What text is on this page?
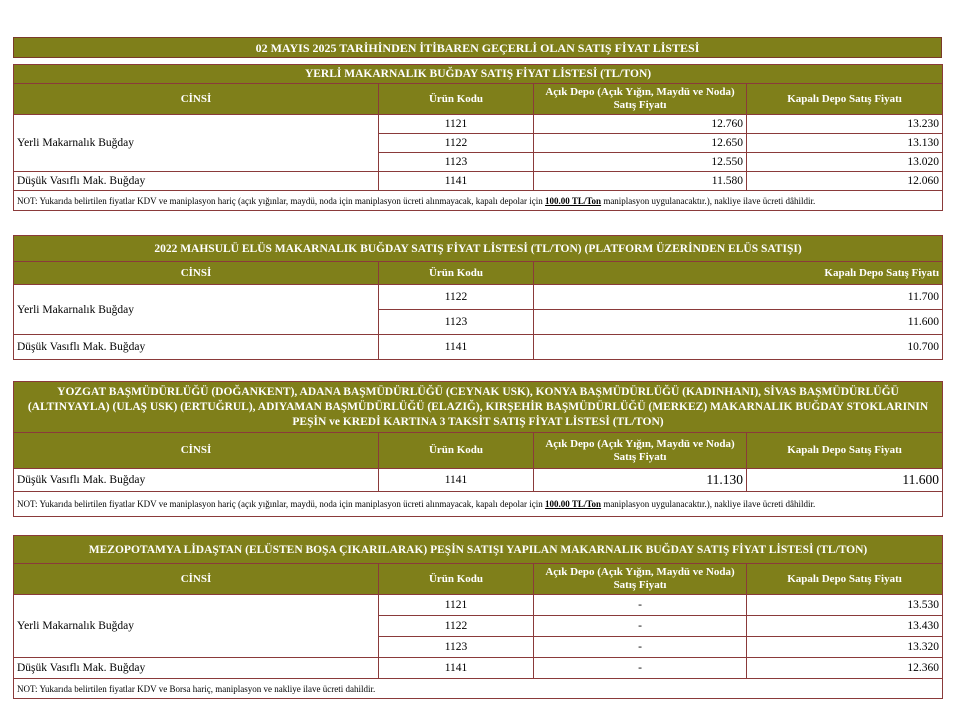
02 MAYIS 2025 TARİHİNDEN İTİBAREN GEÇERLİ OLAN SATIŞ FİYAT LİSTESİ
YERLİ MAKARNALIK BUĞDAY SATIŞ FİYAT LİSTESİ (TL/TON)			
CİNSİ	Ürün Kodu	Açık Depo (Açık Yığın, Maydü ve Noda) Satış Fiyatı	Kapalı Depo Satış Fiyatı
Yerli Makarnalık Buğday	1121	12.760	13.230
	1122	12.650	13.130
	1123	12.550	13.020
Düşük Vasıflı Mak. Buğday	1141	11.580	12.060
NOT: Yukarıda belirtilen fiyatlar KDV ve maniplasyon hariç (açık yığınlar, maydü, noda için maniplasyon ücreti alınmayacak, kapalı depolar için 100.00 TL/Ton maniplasyon uygulanacaktır.), nakliye ilave ücreti dâhildir.			
2022 MAHSULÜ ELÜS MAKARNALIK BUĞDAY SATIŞ FİYAT LİSTESİ (TL/TON) (PLATFORM ÜZERİNDEN ELÜS SATIŞI)		
CİNSİ	Ürün Kodu	Kapalı Depo Satış Fiyatı
Yerli Makarnalık Buğday	1122	11.700
	1123	11.600
Düşük Vasıflı Mak. Buğday	1141	10.700
YOZGAT BAŞMÜDÜRLÜĞÜ (DOĞANKENT), ADANA BAŞMÜDÜRLÜĞÜ (CEYNAK USK), KONYA BAŞMÜDÜRLÜĞÜ (KADINHANI), SİVAS BAŞMÜDÜRLÜĞÜ (ALTINYAYLA) (ULAŞ USK) (ERTUĞRUL), ADIYAMAN BAŞMÜDÜRLÜĞÜ (ELAZIĞ), KIRŞEHİR BAŞMÜDÜRLÜĞÜ (MERKEZ) MAKARNALIK BUĞDAY STOKLARININ PEŞİN ve KREDİ KARTINA 3 TAKSİT SATIŞ FİYAT LİSTESİ (TL/TON)			
CİNSİ	Ürün Kodu	Açık Depo (Açık Yığın, Maydü ve Noda) Satış Fiyatı	Kapalı Depo Satış Fiyatı
Düşük Vasıflı Mak. Buğday	1141	11.130	11.600
NOT: Yukarıda belirtilen fiyatlar KDV ve maniplasyon hariç (açık yığınlar, maydü, noda için maniplasyon ücreti alınmayacak, kapalı depolar için 100.00 TL/Ton maniplasyon uygulanacaktır.), nakliye ilave ücreti dâhildir.			
MEZOPOTAMYA LİDAŞTAN (ELÜSTEN BOŞA ÇIKARILARAK) PEŞİN SATIŞI YAPILAN MAKARNALIK BUĞDAY SATIŞ FİYAT LİSTESİ (TL/TON)			
CİNSİ	Ürün Kodu	Açık Depo (Açık Yığın, Maydü ve Noda) Satış Fiyatı	Kapalı Depo Satış Fiyatı
Yerli Makarnalık Buğday	1121	-	13.530
	1122	-	13.430
	1123	-	13.320
Düşük Vasıflı Mak. Buğday	1141	-	12.360
NOT: Yukarıda belirtilen fiyatlar KDV ve Borsa hariç, maniplasyon ve nakliye ilave ücreti dahildir.			
